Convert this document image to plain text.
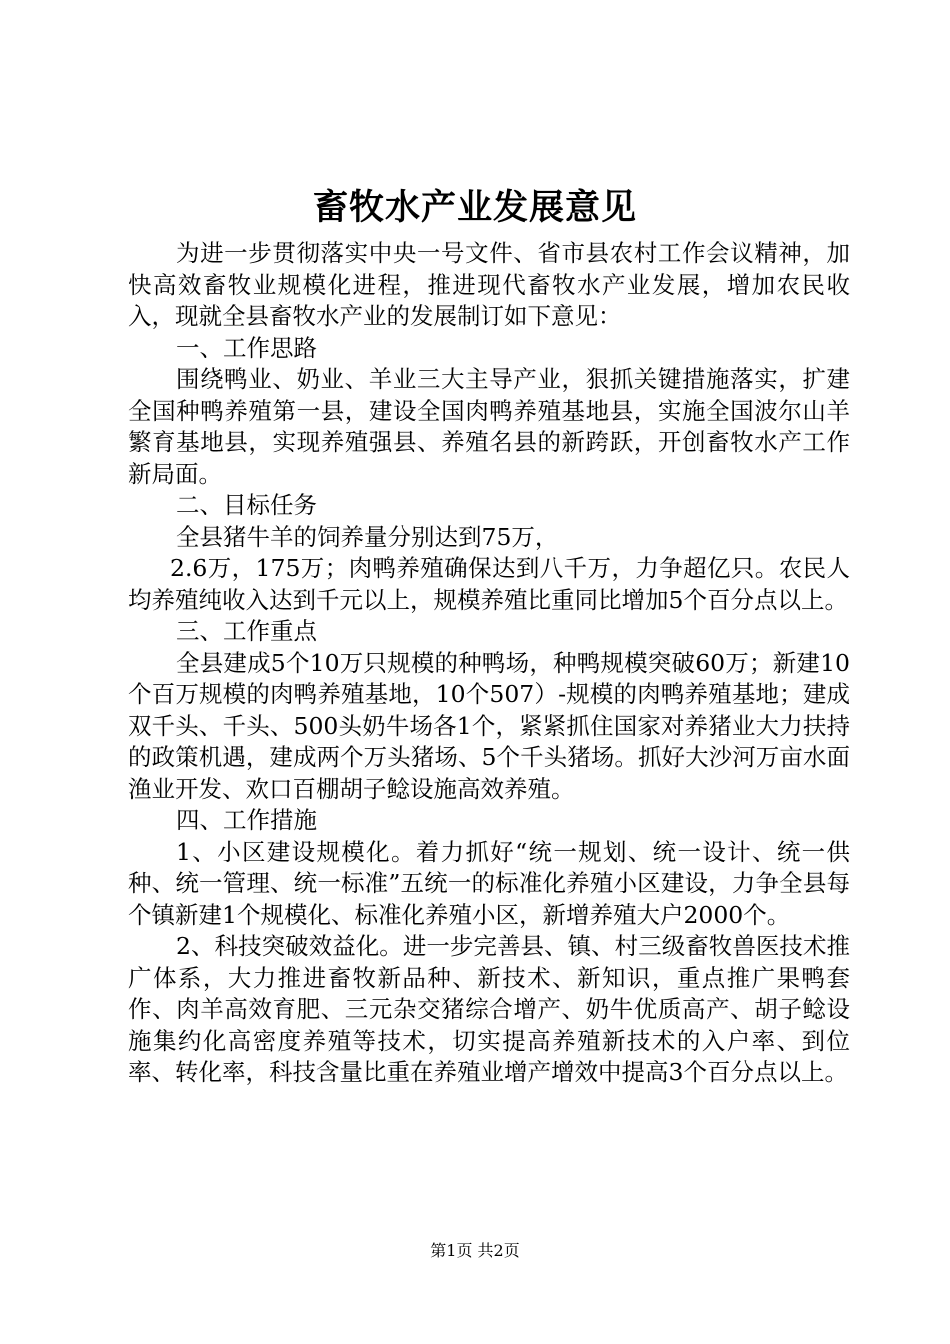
畜牧水产业发展意见

为进一步贯彻落实中央一号文件、省市县农村工作会议精神，加快高效畜牧业规模化进程，推进现代畜牧水产业发展，增加农民收入，现就全县畜牧水产业的发展制订如下意见：

一、工作思路

围绕鸭业、奶业、羊业三大主导产业，狠抓关键措施落实，扩建全国种鸭养殖第一县，建设全国肉鸭养殖基地县，实施全国波尔山羊繁育基地县，实现养殖强县、养殖名县的新跨跃，开创畜牧水产工作新局面。

二、目标任务

全县猪牛羊的饲养量分别达到75万，

2.6万，175万；肉鸭养殖确保达到八千万，力争超亿只。农民人均养殖纯收入达到千元以上，规模养殖比重同比增加5个百分点以上。

三、工作重点

全县建成5个10万只规模的种鸭场，种鸭规模突破60万；新建10个百万规模的肉鸭养殖基地，10个507）-规模的肉鸭养殖基地；建成双千头、千头、500头奶牛场各1个，紧紧抓住国家对养猪业大力扶持的政策机遇，建成两个万头猪场、5个千头猪场。抓好大沙河万亩水面渔业开发、欢口百棚胡子鲶设施高效养殖。

四、工作措施

1、小区建设规模化。着力抓好“统一规划、统一设计、统一供种、统一管理、统一标准”五统一的标准化养殖小区建设，力争全县每个镇新建1个规模化、标准化养殖小区，新增养殖大户2000个。

2、科技突破效益化。进一步完善县、镇、村三级畜牧兽医技术推广体系，大力推进畜牧新品种、新技术、新知识，重点推广果鸭套作、肉羊高效育肥、三元杂交猪综合增产、奶牛优质高产、胡子鲶设施集约化高密度养殖等技术，切实提高养殖新技术的入户率、到位率、转化率，科技含量比重在养殖业增产增效中提高3个百分点以上。

第1页 共2页
